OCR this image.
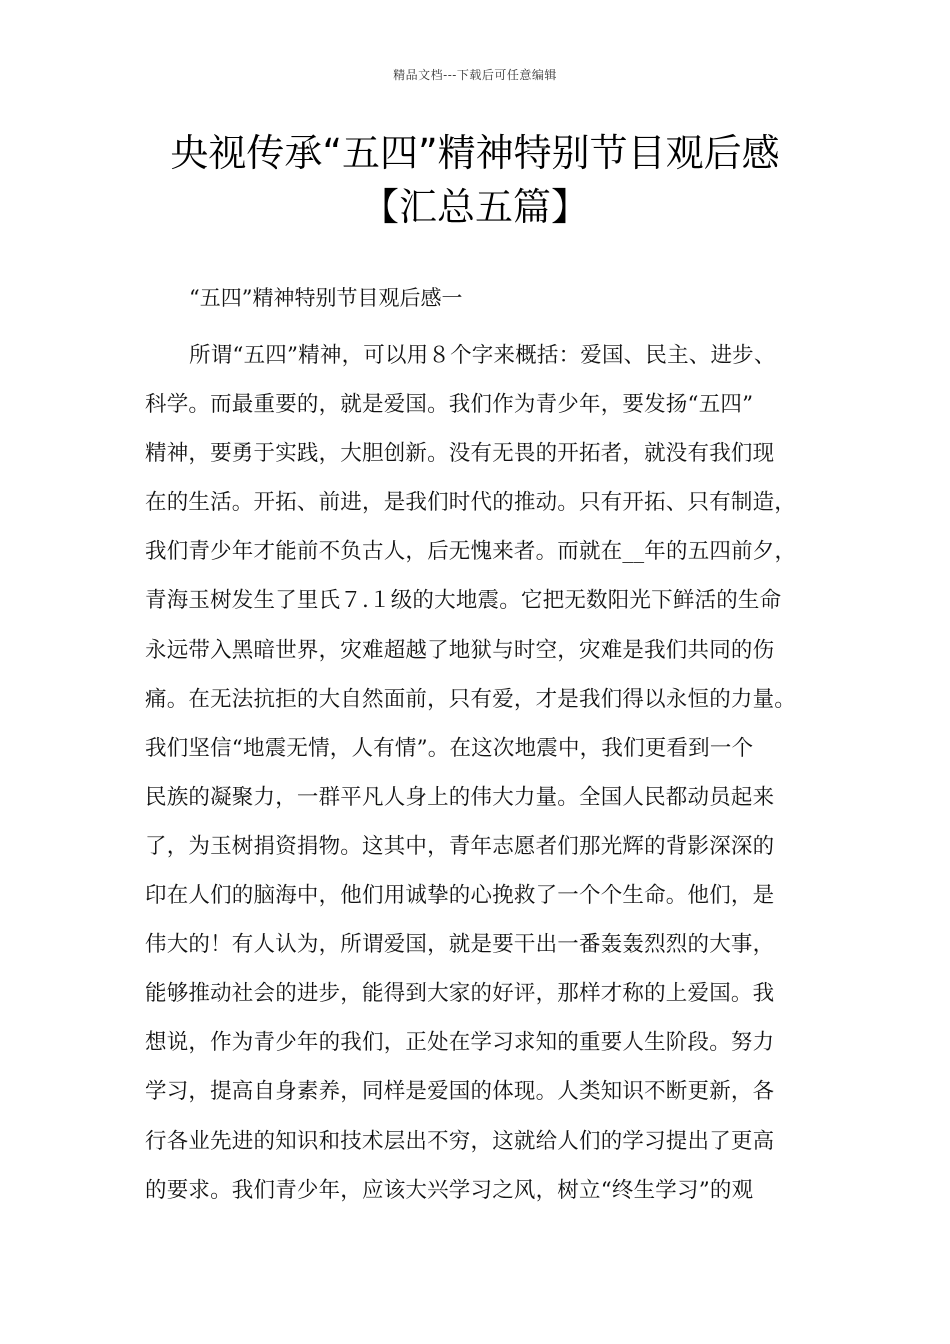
精品文档---下载后可任意编辑
央视传承“五四”精神特别节目观后感
【汇总五篇】
“五四”精神特别节目观后感一
所谓“五四”精神，可以用８个字来概括：爱国、民主、进步、
科学。而最重要的，就是爱国。我们作为青少年，要发扬“五四”
精神，要勇于实践，大胆创新。没有无畏的开拓者，就没有我们现
在的生活。开拓、前进，是我们时代的推动。只有开拓、只有制造，
我们青少年才能前不负古人，后无愧来者。而就在__年的五四前夕，
青海玉树发生了里氏７.１级的大地震。它把无数阳光下鲜活的生命
永远带入黑暗世界，灾难超越了地狱与时空，灾难是我们共同的伤
痛。在无法抗拒的大自然面前，只有爱，才是我们得以永恒的力量。
我们坚信“地震无情，人有情”。在这次地震中，我们更看到一个
民族的凝聚力，一群平凡人身上的伟大力量。全国人民都动员起来
了，为玉树捐资捐物。这其中，青年志愿者们那光辉的背影深深的
印在人们的脑海中，他们用诚挚的心挽救了一个个生命。他们，是
伟大的！有人认为，所谓爱国，就是要干出一番轰轰烈烈的大事，
能够推动社会的进步，能得到大家的好评，那样才称的上爱国。我
想说，作为青少年的我们，正处在学习求知的重要人生阶段。努力
学习，提高自身素养，同样是爱国的体现。人类知识不断更新，各
行各业先进的知识和技术层出不穷，这就给人们的学习提出了更高
的要求。我们青少年，应该大兴学习之风，树立“终生学习”的观
